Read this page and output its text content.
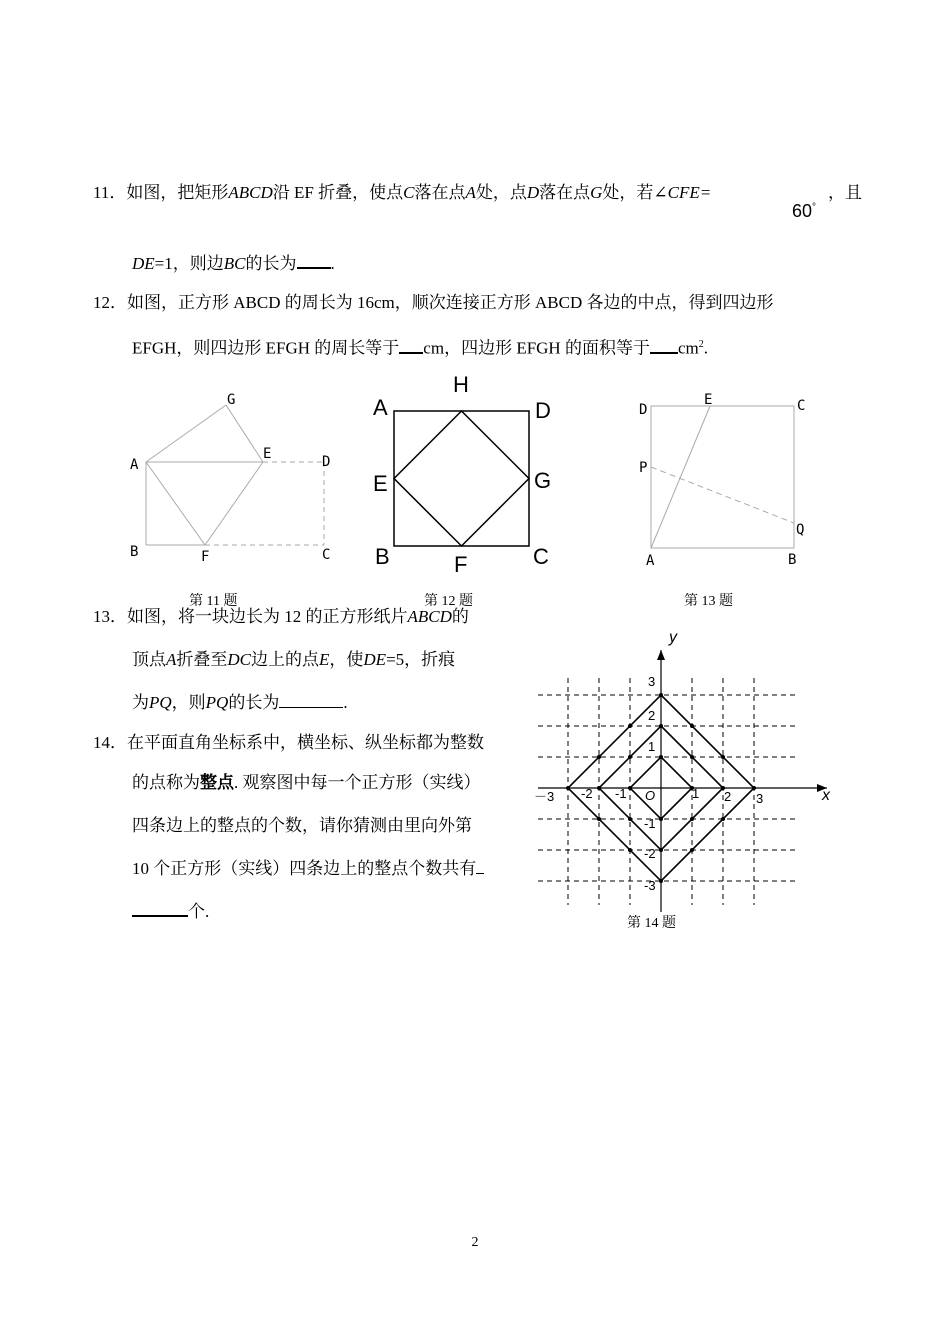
11．如图，把矩形ABCD沿 EF 折叠，使点C落在点A处，点D落在点G处，若∠CFE=
60°
，且
DE=1，则边BC的长为 .
12．如图，正方形 ABCD 的周长为 16cm，顺次连接正方形 ABCD 各边的中点，得到四边形
EFGH，则四边形 EFGH 的周长等于 cm，四边形 EFGH 的面积等于 $cm^2$.
G
A
E	D
B	F	C
第 11 题
H
A	D
E	G
B	F	C
第 12 题
D
E	C
P
Q
A	B
第 13 题
13．如图，将一块边长为 12 的正方形纸片ABCD的
顶点A折叠至DC边上的点E，使DE=5，折痕
为PQ，则PQ的长为	.
14．在平面直角坐标系中，横坐标、纵坐标都为整数
的点称为整点. 观察图中每一个正方形（实线）
四条边上的整点的个数，请你猜测由里向外第
10 个正方形（实线）四条边上的整点个数共有
个.
x
y
O
－3 -2 -1	1 2 3
3
2
1
-1
-2
-3
第 14 题
2
